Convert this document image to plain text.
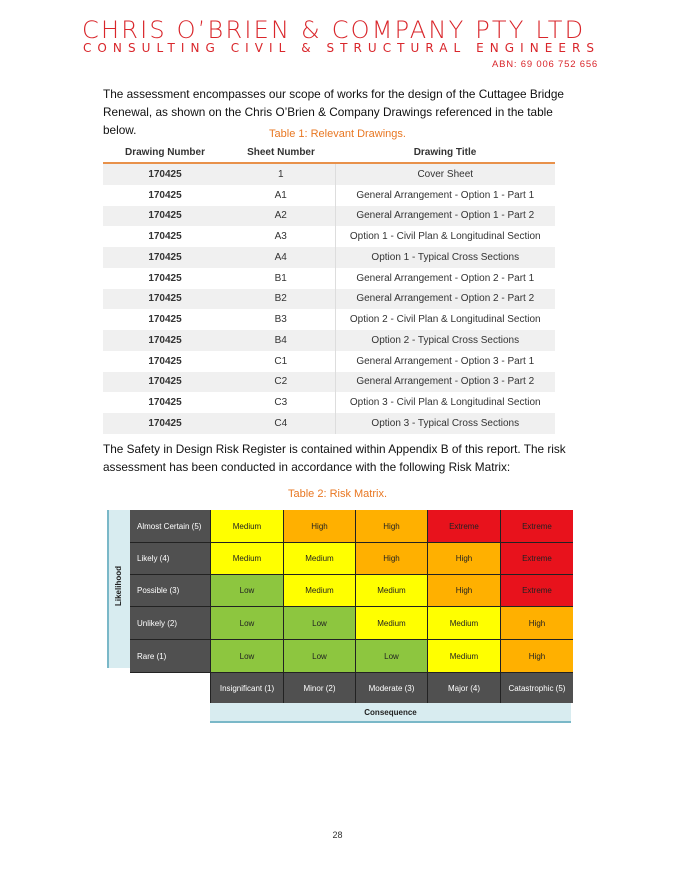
CHRIS O’BRIEN & COMPANY PTY LTD
CONSULTING CIVIL & STRUCTURAL ENGINEERS
ABN: 69 006 752 656
The assessment encompasses our scope of works for the design of the Cuttagee Bridge Renewal, as shown on the Chris O’Brien & Company Drawings referenced in the table below.	Table 1: Relevant Drawings.
Drawing Number	Sheet Number	Drawing Title
170425	1	Cover Sheet
170425	A1	General Arrangement - Option 1 - Part 1
170425	A2	General Arrangement - Option 1 - Part 2
170425	A3	Option 1 - Civil Plan & Longitudinal Section
170425	A4	Option 1 - Typical Cross Sections
170425	B1	General Arrangement - Option 2 - Part 1
170425	B2	General Arrangement - Option 2 - Part 2
170425	B3	Option 2 - Civil Plan & Longitudinal Section
170425	B4	Option 2 - Typical Cross Sections
170425	C1	General Arrangement - Option 3 - Part 1
170425	C2	General Arrangement - Option 3 - Part 2
170425	C3	Option 3 - Civil Plan & Longitudinal Section
170425	C4	Option 3 - Typical Cross Sections
The Safety in Design Risk Register is contained within Appendix B of this report. The risk assessment has been conducted in accordance with the following Risk Matrix:
Table 2: Risk Matrix.
Likelihood
Almost Certain (5)	Medium	High	High	Extreme	Extreme
Likely (4)	Medium	Medium	High	High	Extreme
Possible (3)	Low	Medium	Medium	High	Extreme
Unlikely (2)	Low	Low	Medium	Medium	High
Rare (1)	Low	Low	Low	Medium	High
Insignificant (1)	Minor (2)	Moderate (3)	Major (4)	Catastrophic (5)
Consequence
28
